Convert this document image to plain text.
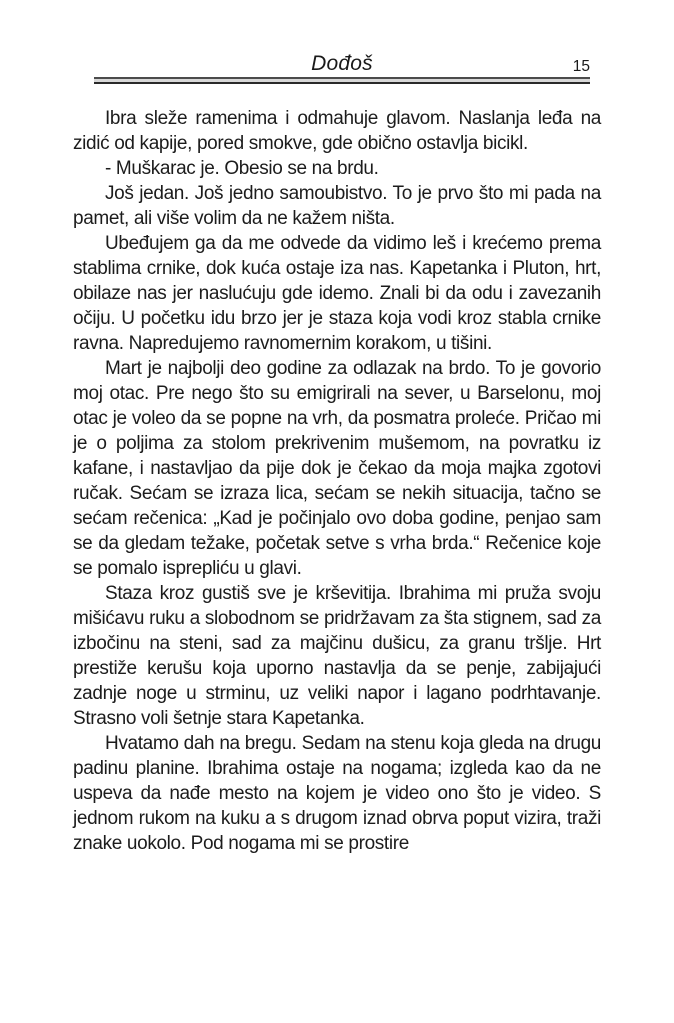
Dođoš	15

Ibra sleže ramenima i odmahuje glavom. Naslanja leđa na zidić od kapije, pored smokve, gde obično ostavlja bicikl.

- Muškarac je. Obesio se na brdu.

Još jedan. Još jedno samoubistvo. To je prvo što mi pada na pamet, ali više volim da ne kažem ništa.

Ubeđujem ga da me odvede da vidimo leš i krećemo prema stablima crnike, dok kuća ostaje iza nas. Kapetanka i Pluton, hrt, obilaze nas jer naslućuju gde idemo. Znali bi da odu i zavezanih očiju. U početku idu brzo jer je staza koja vodi kroz stabla crnike ravna. Napredujemo ravnomernim korakom, u tišini.

Mart je najbolji deo godine za odlazak na brdo. To je govorio moj otac. Pre nego što su emigrirali na sever, u Barselonu, moj otac je voleo da se popne na vrh, da posmatra proleće. Pričao mi je o poljima za stolom prekrivenim mušemom, na povratku iz kafane, i nastavljao da pije dok je čekao da moja majka zgotovi ručak. Sećam se izraza lica, sećam se nekih situacija, tačno se sećam rečenica: „Kad je počinjalo ovo doba godine, penjao sam se da gledam težake, početak setve s vrha brda.“ Rečenice koje se pomalo isprepliću u glavi.

Staza kroz gustiš sve je krševitija. Ibrahima mi pruža svoju mišićavu ruku a slobodnom se pridržavam za šta stignem, sad za izbočinu na steni, sad za majčinu dušicu, za granu tršlje. Hrt prestiže kerušu koja uporno nastavlja da se penje, zabijajući zadnje noge u strminu, uz veliki napor i lagano podrhtavanje. Strasno voli šetnje stara Kapetanka.

Hvatamo dah na bregu. Sedam na stenu koja gleda na drugu padinu planine. Ibrahima ostaje na nogama; izgleda kao da ne uspeva da nađe mesto na kojem je video ono što je video. S jednom rukom na kuku a s drugom iznad obrva poput vizira, traži znake uokolo. Pod nogama mi se prostire
